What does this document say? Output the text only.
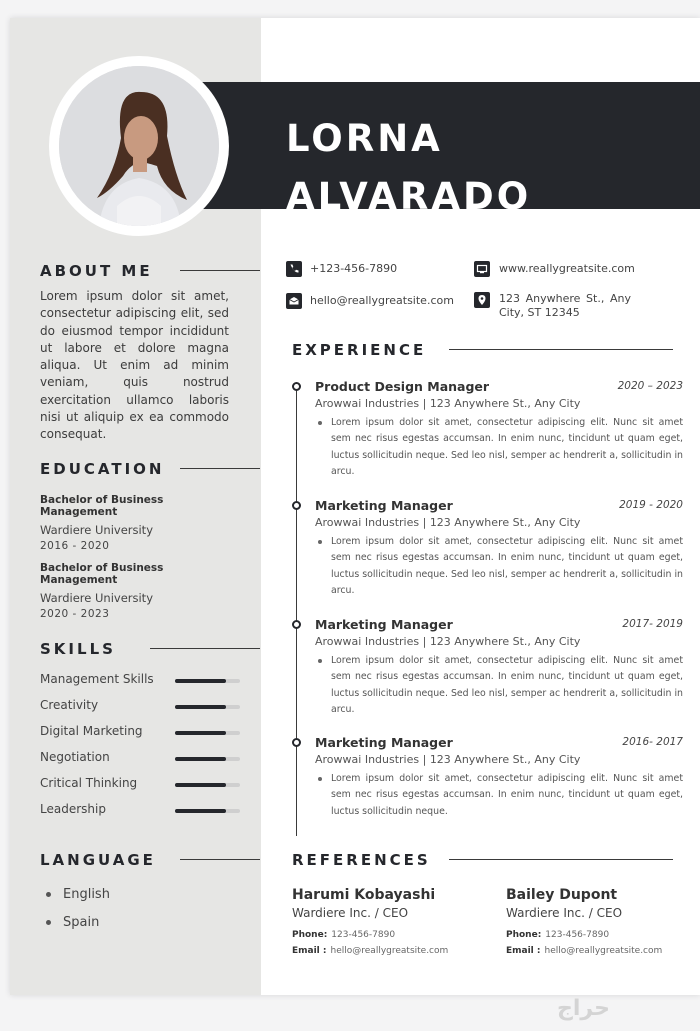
LORNA
ALVARADO
ABOUT ME
Lorem ipsum dolor sit amet, consectetur adipiscing elit, sed do eiusmod tempor incididunt ut labore et dolore magna aliqua. Ut enim ad minim veniam, quis nostrud exercitation ullamco laboris nisi ut aliquip ex ea commodo consequat.
EDUCATION
Bachelor of Business Management
Wardiere University
2016 - 2020
Bachelor of Business Management
Wardiere University
2020 - 2023
SKILLS
Management Skills
Creativity
Digital Marketing
Negotiation
Critical Thinking
Leadership
LANGUAGE
English
Spain
+123-456-7890
hello@reallygreatsite.com
www.reallygreatsite.com
123 Anywhere St., Any
City, ST 12345
EXPERIENCE
Product Design Manager	2020 – 2023
Arowwai Industries | 123 Anywhere St., Any City
Lorem ipsum dolor sit amet, consectetur adipiscing elit. Nunc sit amet sem nec risus egestas accumsan. In enim nunc, tincidunt ut quam eget, luctus sollicitudin neque. Sed leo nisl, semper ac hendrerit a, sollicitudin in arcu.
Marketing Manager	2019 - 2020
Arowwai Industries | 123 Anywhere St., Any City
Lorem ipsum dolor sit amet, consectetur adipiscing elit. Nunc sit amet sem nec risus egestas accumsan. In enim nunc, tincidunt ut quam eget, luctus sollicitudin neque. Sed leo nisl, semper ac hendrerit a, sollicitudin in arcu.
Marketing Manager	2017- 2019
Arowwai Industries | 123 Anywhere St., Any City
Lorem ipsum dolor sit amet, consectetur adipiscing elit. Nunc sit amet sem nec risus egestas accumsan. In enim nunc, tincidunt ut quam eget, luctus sollicitudin neque. Sed leo nisl, semper ac hendrerit a, sollicitudin in arcu.
Marketing Manager	2016- 2017
Arowwai Industries | 123 Anywhere St., Any City
Lorem ipsum dolor sit amet, consectetur adipiscing elit. Nunc sit amet sem nec risus egestas accumsan. In enim nunc, tincidunt ut quam eget, luctus sollicitudin neque.
REFERENCES
Harumi Kobayashi
Wardiere Inc. / CEO
Phone: 123-456-7890
Email : hello@reallygreatsite.com
Bailey Dupont
Wardiere Inc. / CEO
Phone: 123-456-7890
Email : hello@reallygreatsite.com
حراج
